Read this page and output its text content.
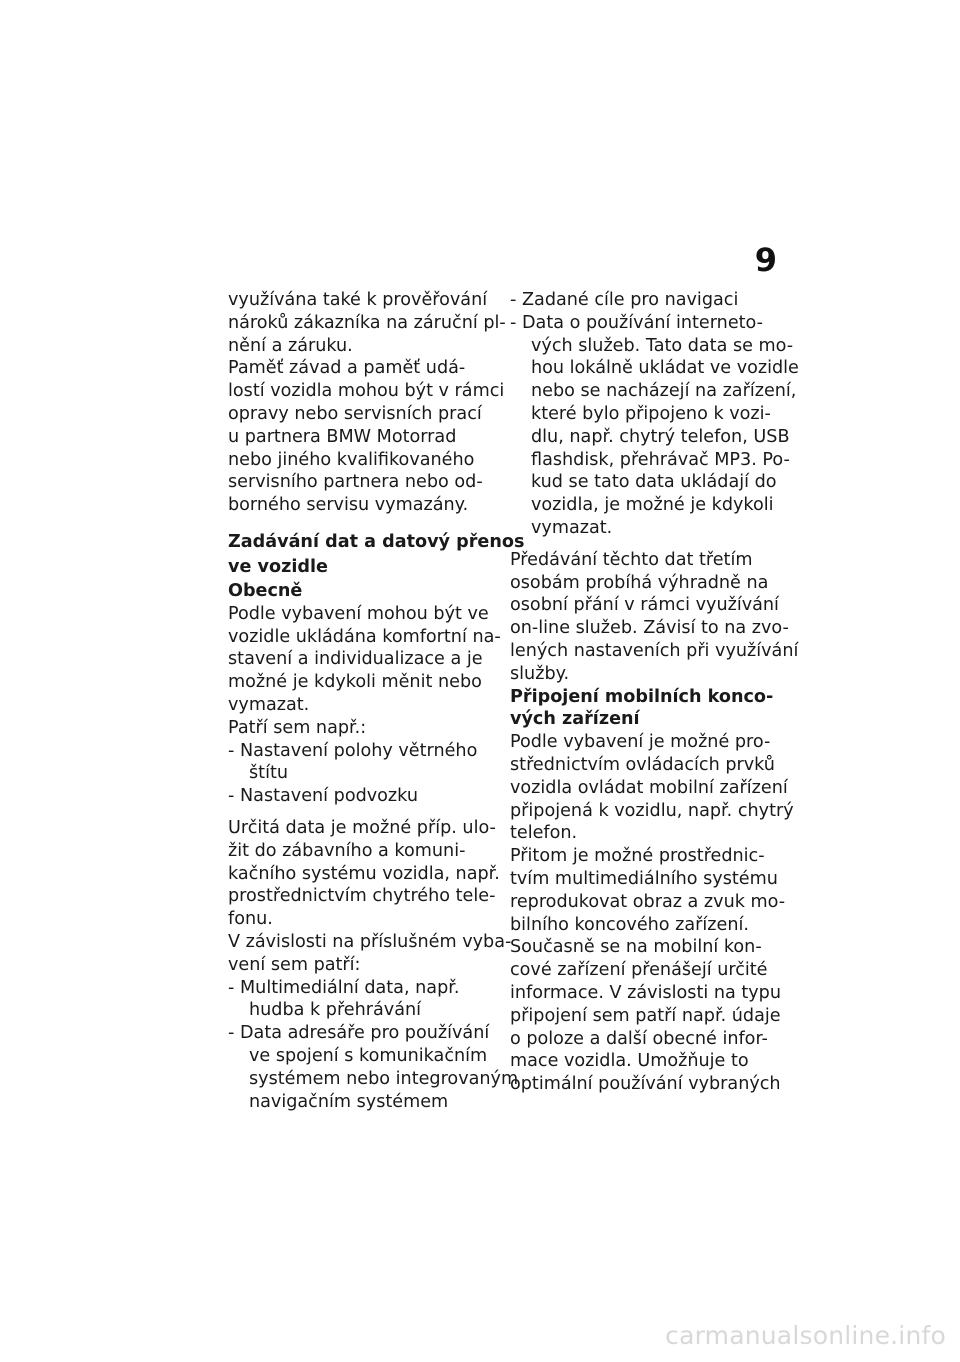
9
využívána také k prověřování
nároků zákazníka na záruční pl-
nění a záruku.
Paměť závad a paměť udá-
lostí vozidla mohou být v rámci
opravy nebo servisních prací
u partnera BMW Motorrad
nebo jiného kvalifikovaného
servisního partnera nebo od-
borného servisu vymazány.
Zadávání dat a datový přenos
ve vozidle
Obecně
Podle vybavení mohou být ve
vozidle ukládána komfortní na-
stavení a individualizace a je
možné je kdykoli měnit nebo
vymazat.
Patří sem např.:
- Nastavení polohy větrného
štítu
- Nastavení podvozku
Určitá data je možné příp. ulo-
žit do zábavního a komuni-
kačního systému vozidla, např.
prostřednictvím chytrého tele-
fonu.
V závislosti na příslušném vyba-
vení sem patří:
- Multimediální data, např.
hudba k přehrávání
- Data adresáře pro používání
ve spojení s komunikačním
systémem nebo integrovaným
navigačním systémem
- Zadané cíle pro navigaci
- Data o používání interneto-
vých služeb. Tato data se mo-
hou lokálně ukládat ve vozidle
nebo se nacházejí na zařízení,
které bylo připojeno k vozi-
dlu, např. chytrý telefon, USB
flashdisk, přehrávač MP3. Po-
kud se tato data ukládají do
vozidla, je možné je kdykoli
vymazat.
Předávání těchto dat třetím
osobám probíhá výhradně na
osobní přání v rámci využívání
on-line služeb. Závisí to na zvo-
lených nastaveních při využívání
služby.
Připojení mobilních konco-
vých zařízení
Podle vybavení je možné pro-
střednictvím ovládacích prvků
vozidla ovládat mobilní zařízení
připojená k vozidlu, např. chytrý
telefon.
Přitom je možné prostřednic-
tvím multimediálního systému
reprodukovat obraz a zvuk mo-
bilního koncového zařízení.
Současně se na mobilní kon-
cové zařízení přenášejí určité
informace. V závislosti na typu
připojení sem patří např. údaje
o poloze a další obecné infor-
mace vozidla. Umožňuje to
optimální používání vybraných
carmanualsonline.info
